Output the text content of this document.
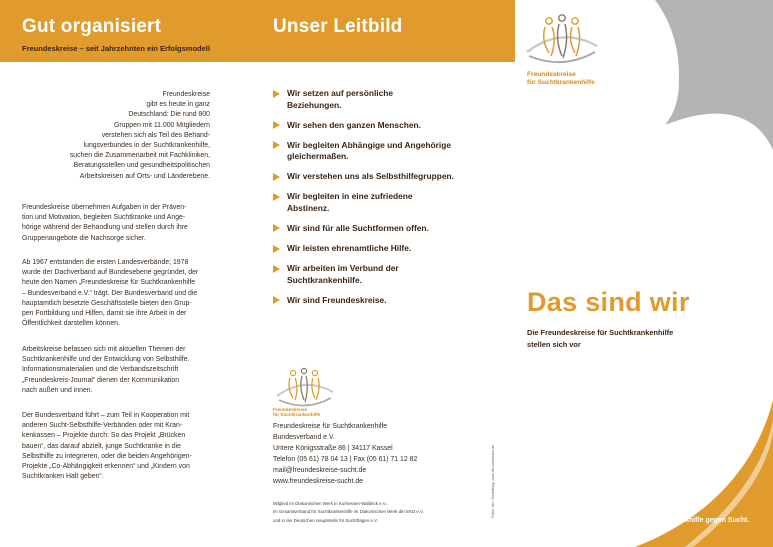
Gut organisiert
Freundeskreise – seit Jahrzehnten ein Erfolgsmodell

Freundeskreise
gibt es heute in ganz
Deutschland: Die rund 800
Gruppen mit 11.000 Mitgliedern
verstehen sich als Teil des Behand-
lungsverbundes in der Suchtkrankenhilfe,
suchen die Zusammenarbeit mit Fachkliniken,
Beratungsstellen und gesundheitspolitischen
Arbeitskreisen auf Orts- und Länderebene.

Freundeskreise übernehmen Aufgaben in der Präven-
tion und Motivation, begleiten Suchtkranke und Ange-
hörige während der Behandlung und stellen durch ihre
Gruppenangebote die Nachsorge sicher.

Ab 1967 entstanden die ersten Landesverbände; 1978
wurde der Dachverband auf Bundesebene gegründet, der
heute den Namen „Freundeskreise für Suchtkrankenhilfe
– Bundesverband e.V.“ trägt. Der Bundesverband und die
hauptamtlich besetzte Geschäftsstelle bieten den Grup-
pen Fortbildung und Hilfen, damit sie ihre Arbeit in der
Öffentlichkeit darstellen können.

Arbeitskreise befassen sich mit aktuellen Themen der
Suchtkrankenhilfe und der Entwicklung von Selbsthilfe.
Informationsmaterialien und die Verbandszeitschrift
„Freundeskreis-Journal“ dienen der Kommunikation
nach außen und innen.

Der Bundesverband führt – zum Teil in Kooperation mit
anderen Sucht-Selbsthilfe-Verbänden oder mit Kran-
kenkassen – Projekte durch: So das Projekt „Brücken
bauen“, das darauf abzielt, junge Suchtkranke in die
Selbsthilfe zu integrieren, oder die beiden Angehörigen-
Projekte „Co-Abhängigkeit erkennen“ und „Kindern von
Suchtkranken Halt geben“.

Unser Leitbild
Wir setzen auf persönliche
Beziehungen.
Wir sehen den ganzen Menschen.
Wir begleiten Abhängige und Angehörige
gleichermaßen.
Wir verstehen uns als Selbsthilfegruppen.
Wir begleiten in eine zufriedene
Abstinenz.
Wir sind für alle Suchtformen offen.
Wir leisten ehrenamtliche Hilfe.
Wir arbeiten im Verbund der
Suchtkrankenhilfe.
Wir sind Freundeskreise.
Freundeskreise
für Suchtkrankenhilfe
Freundeskreise für Suchtkrankenhilfe
Bundesverband e.V.
Untere Königsstraße 86 | 34117 Kassel
Telefon (05 61) 78 04 13 | Fax (05 61) 71 12 82
mail@freundeskreise-sucht.de
www.freundeskreise-sucht.de
Mitglied im Diakonischen Werk in Kurhessen-Waldeck e.V.,
im Gesamtverband für Suchtkrankenhilfe im Diakonischen Werk der EKD e.V.
und in der Deutschen Hauptstelle für Suchtfragen e.V.
Fotos: nfo / Gestaltung: www.nfo-annemarie.de
Freundeskreise
für Suchtkrankenhilfe
Das sind wir
Die Freundeskreise für Suchtkrankenhilfe
stellen sich vor
Selbsthilfe gegen Sucht.
